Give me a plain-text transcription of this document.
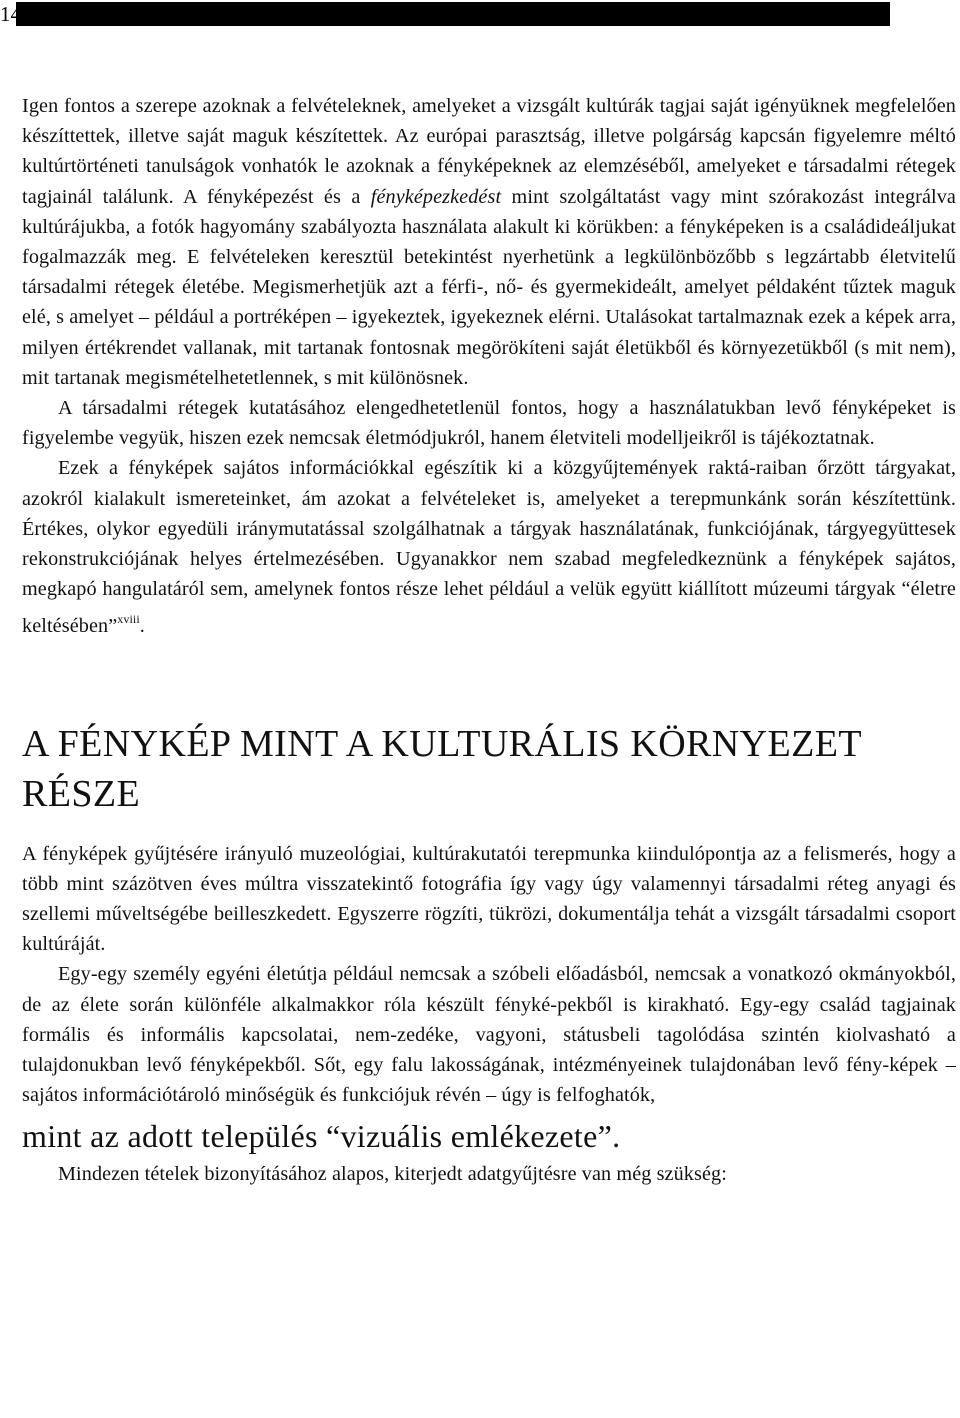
14

Igen fontos a szerepe azoknak a felvételeknek, amelyeket a vizsgált kultúrák tagjai saját igényüknek megfelelően készíttettek, illetve saját maguk készítettek. Az európai parasztság, illetve polgárság kapcsán figyelemre méltó kultúrtörténeti tanulságok vonhatók le azoknak a fényképeknek az elemzéséből, amelyeket e társadalmi rétegek tagjainál találunk. A fényképezést és a fényképezkedést mint szolgáltatást vagy mint szórakozást integrálva kultúrájukba, a fotók hagyomány szabályozta használata alakult ki körükben: a fényképeken is a családideáljukat fogalmazzák meg. E felvételeken keresztül betekintést nyerhetünk a legkülönbözőbb s legzártabb életvitelű társadalmi rétegek életébe. Megismerhetjük azt a férfi-, nő- és gyermekideált, amelyet példaként tűztek maguk elé, s amelyet – például a portréképen – igyekeztek, igyekeznek elérni. Utalásokat tartalmaznak ezek a képek arra, milyen értékrendet vallanak, mit tartanak fontosnak megörökíteni saját életükből és környezetükből (s mit nem), mit tartanak megismételhetetlennek, s mit különösnek.

A társadalmi rétegek kutatásához elengedhetetlenül fontos, hogy a használatukban levő fényképeket is figyelembe vegyük, hiszen ezek nemcsak életmódjukról, hanem életviteli modelljeikről is tájékoztatnak.

Ezek a fényképek sajátos információkkal egészítik ki a közgyűjtemények raktá-raiban őrzött tárgyakat, azokról kialakult ismereteinket, ám azokat a felvételeket is, amelyeket a terepmunkánk során készítettünk. Értékes, olykor egyedüli iránymutatással szolgálhatnak a tárgyak használatának, funkciójának, tárgyegyüttesek rekonstrukciójának helyes értelmezésében. Ugyanakkor nem szabad megfeledkeznünk a fényképek sajátos, megkapó hangulatáról sem, amelynek fontos része lehet például a velük együtt kiállított múzeumi tárgyak “életre keltésében”$^{xviii}$.

A FÉNYKÉP MINT A KULTURÁLIS KÖRNYEZET RÉSZE

A fényképek gyűjtésére irányuló muzeológiai, kultúrakutatói terepmunka kiindulópontja az a felismerés, hogy a több mint százötven éves múltra visszatekintő fotográfia így vagy úgy valamennyi társadalmi réteg anyagi és szellemi műveltségébe beilleszkedett. Egyszerre rögzíti, tükrözi, dokumentálja tehát a vizsgált társadalmi csoport kultúráját.

Egy-egy személy egyéni életútja például nemcsak a szóbeli előadásból, nemcsak a vonatkozó okmányokból, de az élete során különféle alkalmakkor róla készült fényké-pekből is kirakható. Egy-egy család tagjainak formális és informális kapcsolatai, nem-zedéke, vagyoni, státusbeli tagolódása szintén kiolvasható a tulajdonukban levő fényképekből. Sőt, egy falu lakosságának, intézményeinek tulajdonában levő fény-képek – sajátos információtároló minőségük és funkciójuk révén – úgy is felfoghatók,

mint az adott település “vizuális emlékezete”.

Mindezen tételek bizonyításához alapos, kiterjedt adatgyűjtésre van még szükség:
